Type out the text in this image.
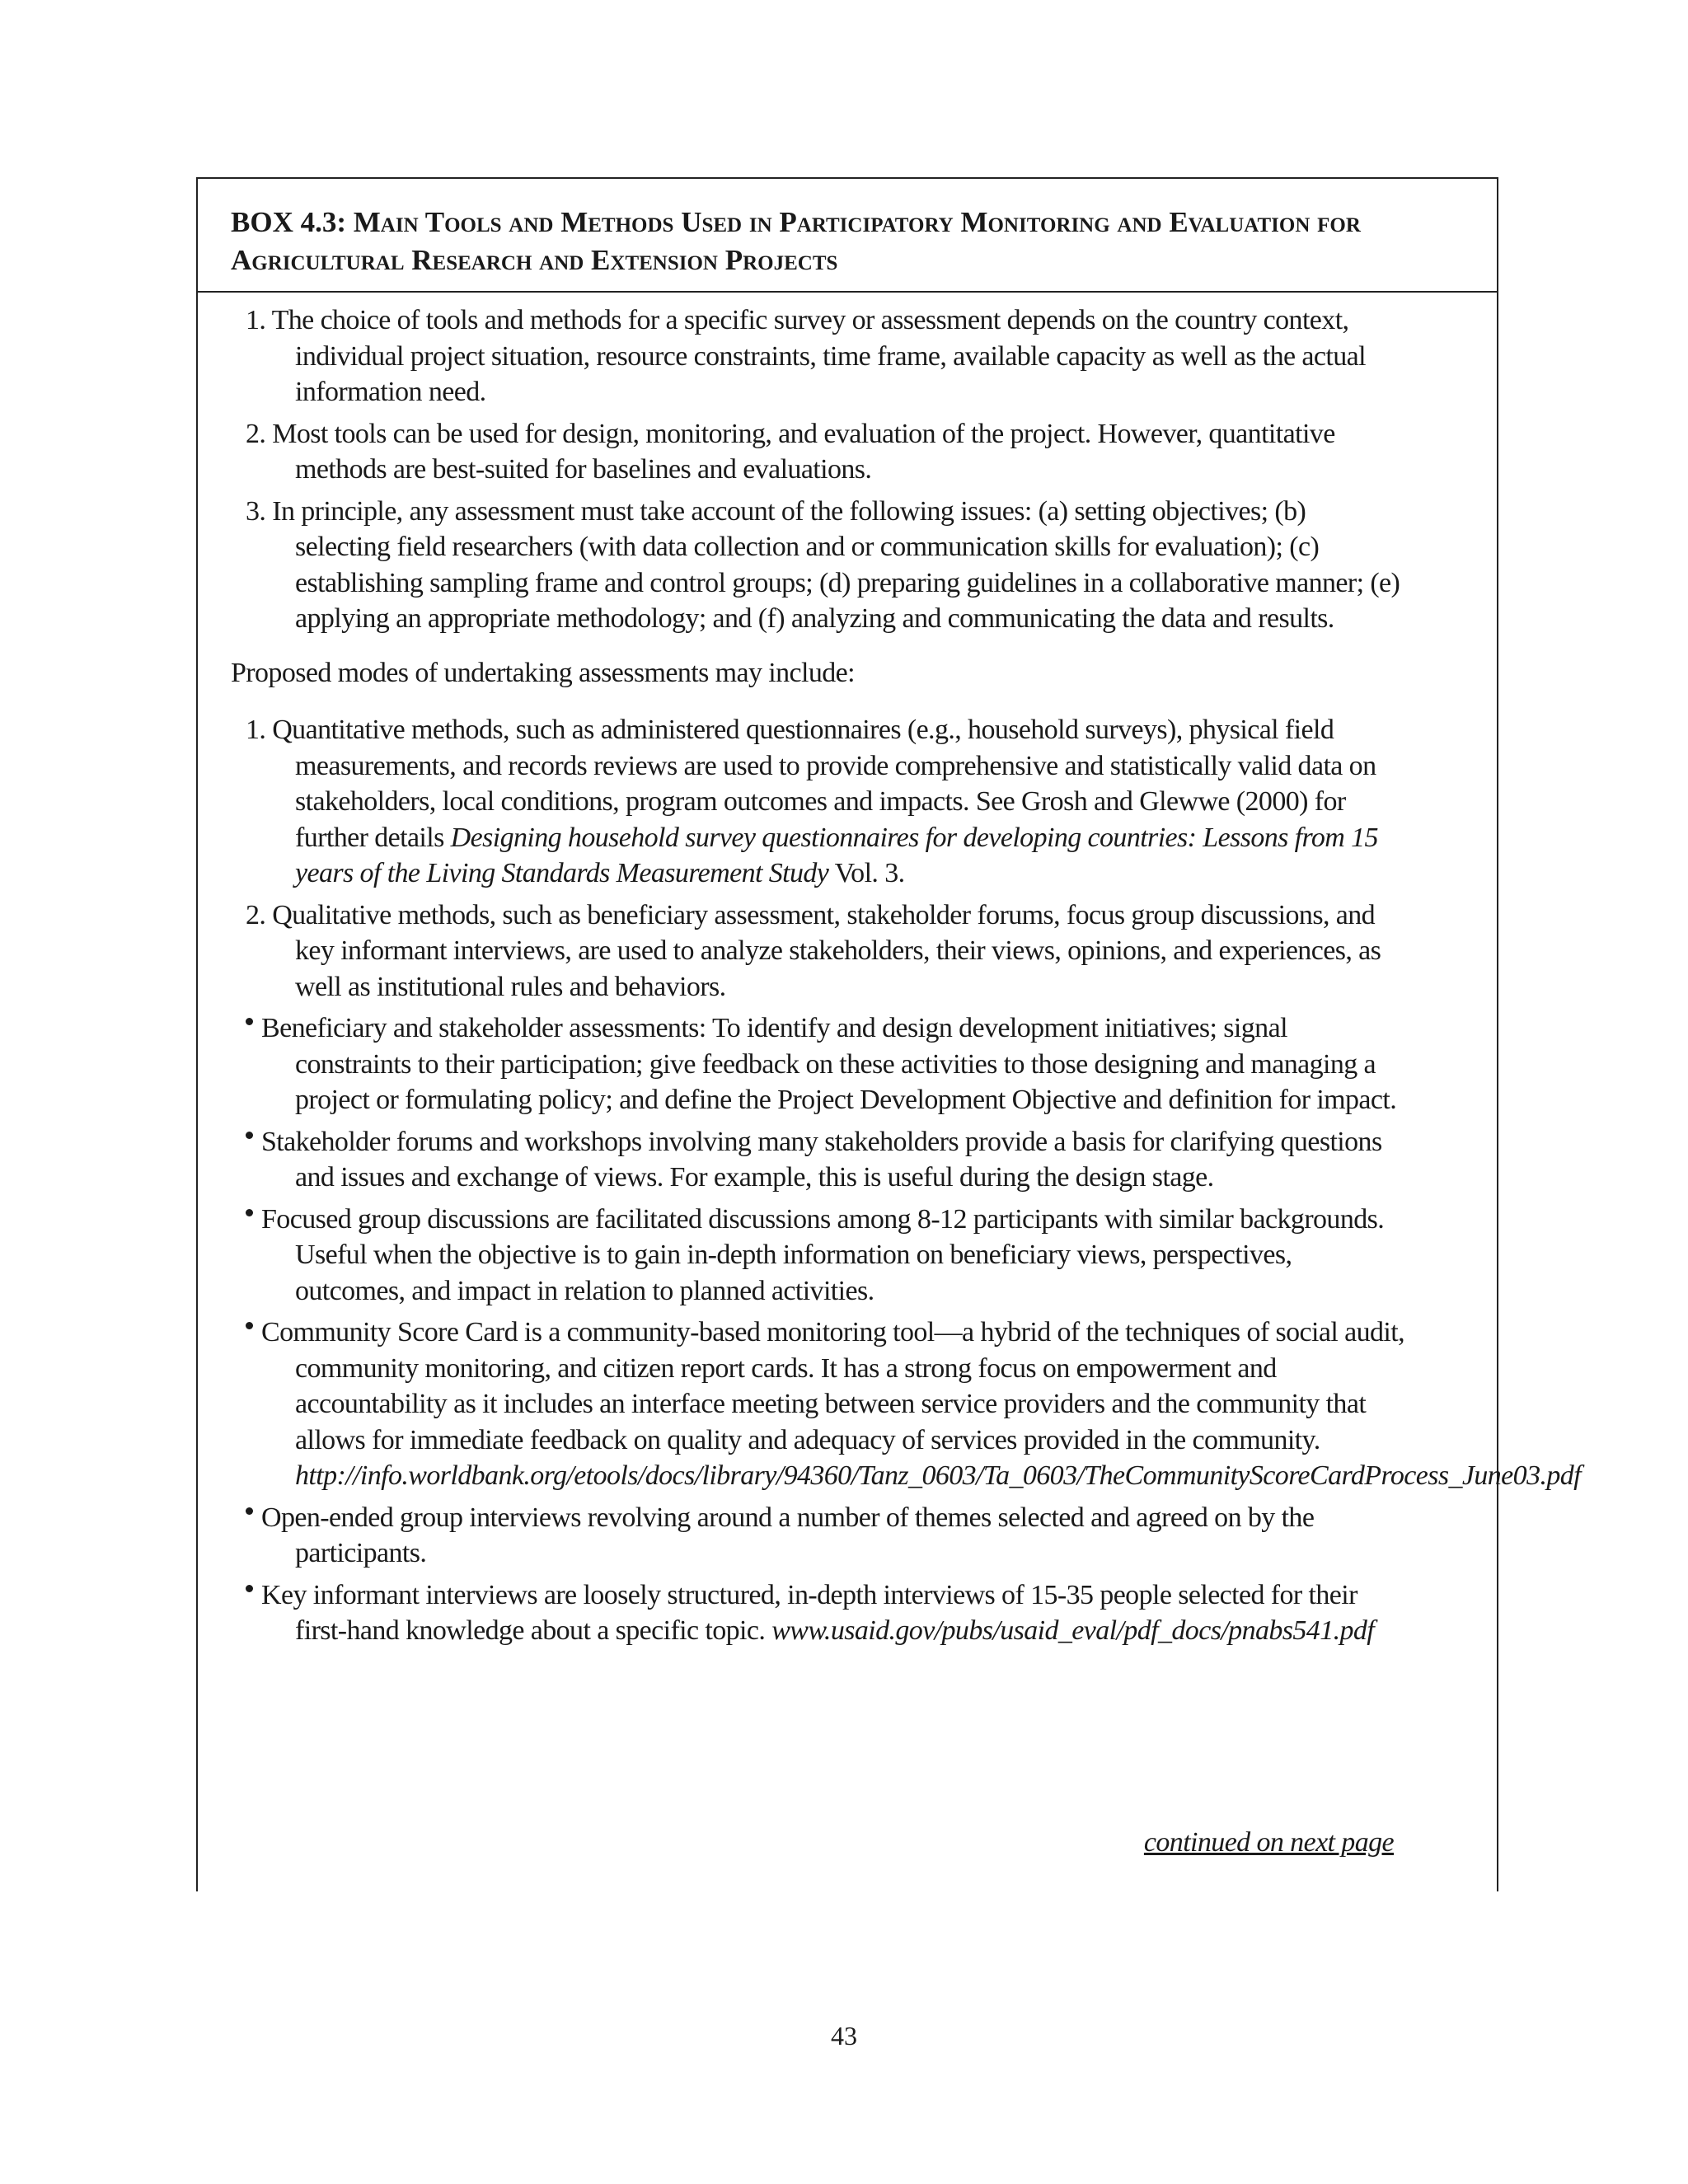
BOX 4.3: Main Tools and Methods Used in Participatory Monitoring and Evaluation for Agricultural Research and Extension Projects

1. The choice of tools and methods for a specific survey or assessment depends on the country context, individual project situation, resource constraints, time frame, available capacity as well as the actual information need.
2. Most tools can be used for design, monitoring, and evaluation of the project. However, quantitative methods are best-suited for baselines and evaluations.
3. In principle, any assessment must take account of the following issues: (a) setting objectives; (b) selecting field researchers (with data collection and or communication skills for evaluation); (c) establishing sampling frame and control groups; (d) preparing guidelines in a collaborative manner; (e) applying an appropriate methodology; and (f) analyzing and communicating the data and results.

Proposed modes of undertaking assessments may include:

1. Quantitative methods, such as administered questionnaires (e.g., household surveys), physical field measurements, and records reviews are used to provide comprehensive and statistically valid data on stakeholders, local conditions, program outcomes and impacts. See Grosh and Glewwe (2000) for further details Designing household survey questionnaires for developing countries: Lessons from 15 years of the Living Standards Measurement Study Vol. 3.
2. Qualitative methods, such as beneficiary assessment, stakeholder forums, focus group discussions, and key informant interviews, are used to analyze stakeholders, their views, opinions, and experiences, as well as institutional rules and behaviors.
Beneficiary and stakeholder assessments: To identify and design development initiatives; signal constraints to their participation; give feedback on these activities to those designing and managing a project or formulating policy; and define the Project Development Objective and definition for impact.
Stakeholder forums and workshops involving many stakeholders provide a basis for clarifying questions and issues and exchange of views. For example, this is useful during the design stage.
Focused group discussions are facilitated discussions among 8-12 participants with similar backgrounds. Useful when the objective is to gain in-depth information on beneficiary views, perspectives, outcomes, and impact in relation to planned activities.
Community Score Card is a community-based monitoring tool—a hybrid of the techniques of social audit, community monitoring, and citizen report cards. It has a strong focus on empowerment and accountability as it includes an interface meeting between service providers and the community that allows for immediate feedback on quality and adequacy of services provided in the community. http://info.worldbank.org/etools/docs/library/94360/Tanz_0603/Ta_0603/TheCommunityScoreCardProcess_June03.pdf
Open-ended group interviews revolving around a number of themes selected and agreed on by the participants.
Key informant interviews are loosely structured, in-depth interviews of 15-35 people selected for their first-hand knowledge about a specific topic. www.usaid.gov/pubs/usaid_eval/pdf_docs/pnabs541.pdf
continued on next page
43
